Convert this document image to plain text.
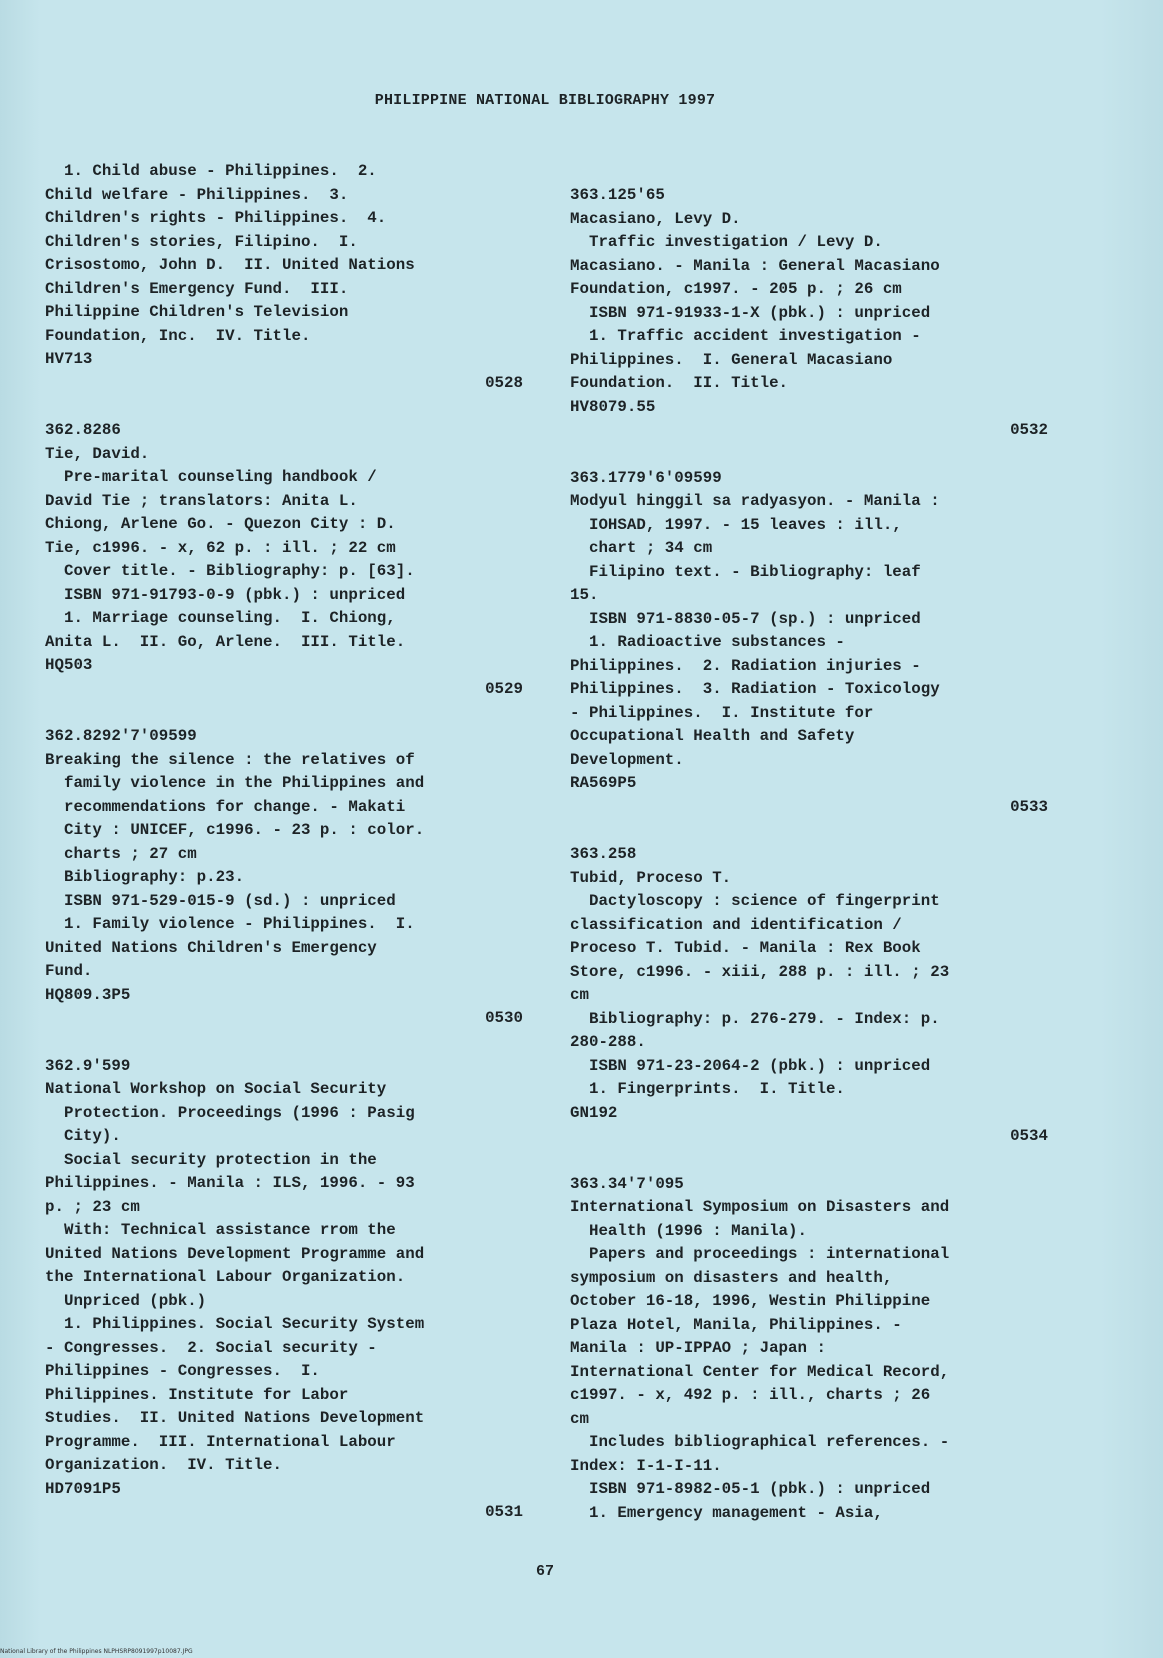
PHILIPPINE NATIONAL BIBLIOGRAPHY 1997
1. Child abuse - Philippines.  2.
Child welfare - Philippines.  3.
Children's rights - Philippines.  4.
Children's stories, Filipino.  I.
Crisostomo, John D.  II. United Nations
Children's Emergency Fund.  III.
Philippine Children's Television
Foundation, Inc.  IV. Title.
HV713
0528
362.8286
Tie, David.
Pre-marital counseling handbook /
David Tie ; translators: Anita L.
Chiong, Arlene Go. - Quezon City : D.
Tie, c1996. - x, 62 p. : ill. ; 22 cm
Cover title. - Bibliography: p. [63].
ISBN 971-91793-0-9 (pbk.) : unpriced
1. Marriage counseling.  I. Chiong,
Anita L.  II. Go, Arlene.  III. Title.
HQ503
0529
362.8292'7'09599
Breaking the silence : the relatives of
family violence in the Philippines and
recommendations for change. - Makati
City : UNICEF, c1996. - 23 p. : color.
charts ; 27 cm
Bibliography: p.23.
ISBN 971-529-015-9 (sd.) : unpriced
1. Family violence - Philippines.  I.
United Nations Children's Emergency
Fund.
HQ809.3P5
0530
362.9'599
National Workshop on Social Security
Protection. Proceedings (1996 : Pasig
City).
Social security protection in the
Philippines. - Manila : ILS, 1996. - 93
p. ; 23 cm
With: Technical assistance rrom the
United Nations Development Programme and
the International Labour Organization.
Unpriced (pbk.)
1. Philippines. Social Security System
- Congresses.  2. Social security -
Philippines - Congresses.  I.
Philippines. Institute for Labor
Studies.  II. United Nations Development
Programme.  III. International Labour
Organization.  IV. Title.
HD7091P5
0531
363.125'65
Macasiano, Levy D.
Traffic investigation / Levy D.
Macasiano. - Manila : General Macasiano
Foundation, c1997. - 205 p. ; 26 cm
ISBN 971-91933-1-X (pbk.) : unpriced
1. Traffic accident investigation -
Philippines.  I. General Macasiano
Foundation.  II. Title.
HV8079.55
0532
363.1779'6'09599
Modyul hinggil sa radyasyon. - Manila :
IOHSAD, 1997. - 15 leaves : ill.,
chart ; 34 cm
Filipino text. - Bibliography: leaf
15.
ISBN 971-8830-05-7 (sp.) : unpriced
1. Radioactive substances -
Philippines.  2. Radiation injuries -
Philippines.  3. Radiation - Toxicology
- Philippines.  I. Institute for
Occupational Health and Safety
Development.
RA569P5
0533
363.258
Tubid, Proceso T.
Dactyloscopy : science of fingerprint
classification and identification /
Proceso T. Tubid. - Manila : Rex Book
Store, c1996. - xiii, 288 p. : ill. ; 23
cm
Bibliography: p. 276-279. - Index: p.
280-288.
ISBN 971-23-2064-2 (pbk.) : unpriced
1. Fingerprints.  I. Title.
GN192
0534
363.34'7'095
International Symposium on Disasters and
Health (1996 : Manila).
Papers and proceedings : international
symposium on disasters and health,
October 16-18, 1996, Westin Philippine
Plaza Hotel, Manila, Philippines. -
Manila : UP-IPPAO ; Japan :
International Center for Medical Record,
c1997. - x, 492 p. : ill., charts ; 26
cm
Includes bibliographical references. -
Index: I-1-I-11.
ISBN 971-8982-05-1 (pbk.) : unpriced
1. Emergency management - Asia,
67
National Library of the Philippines NLPHSRP8091997p10087.JPG
